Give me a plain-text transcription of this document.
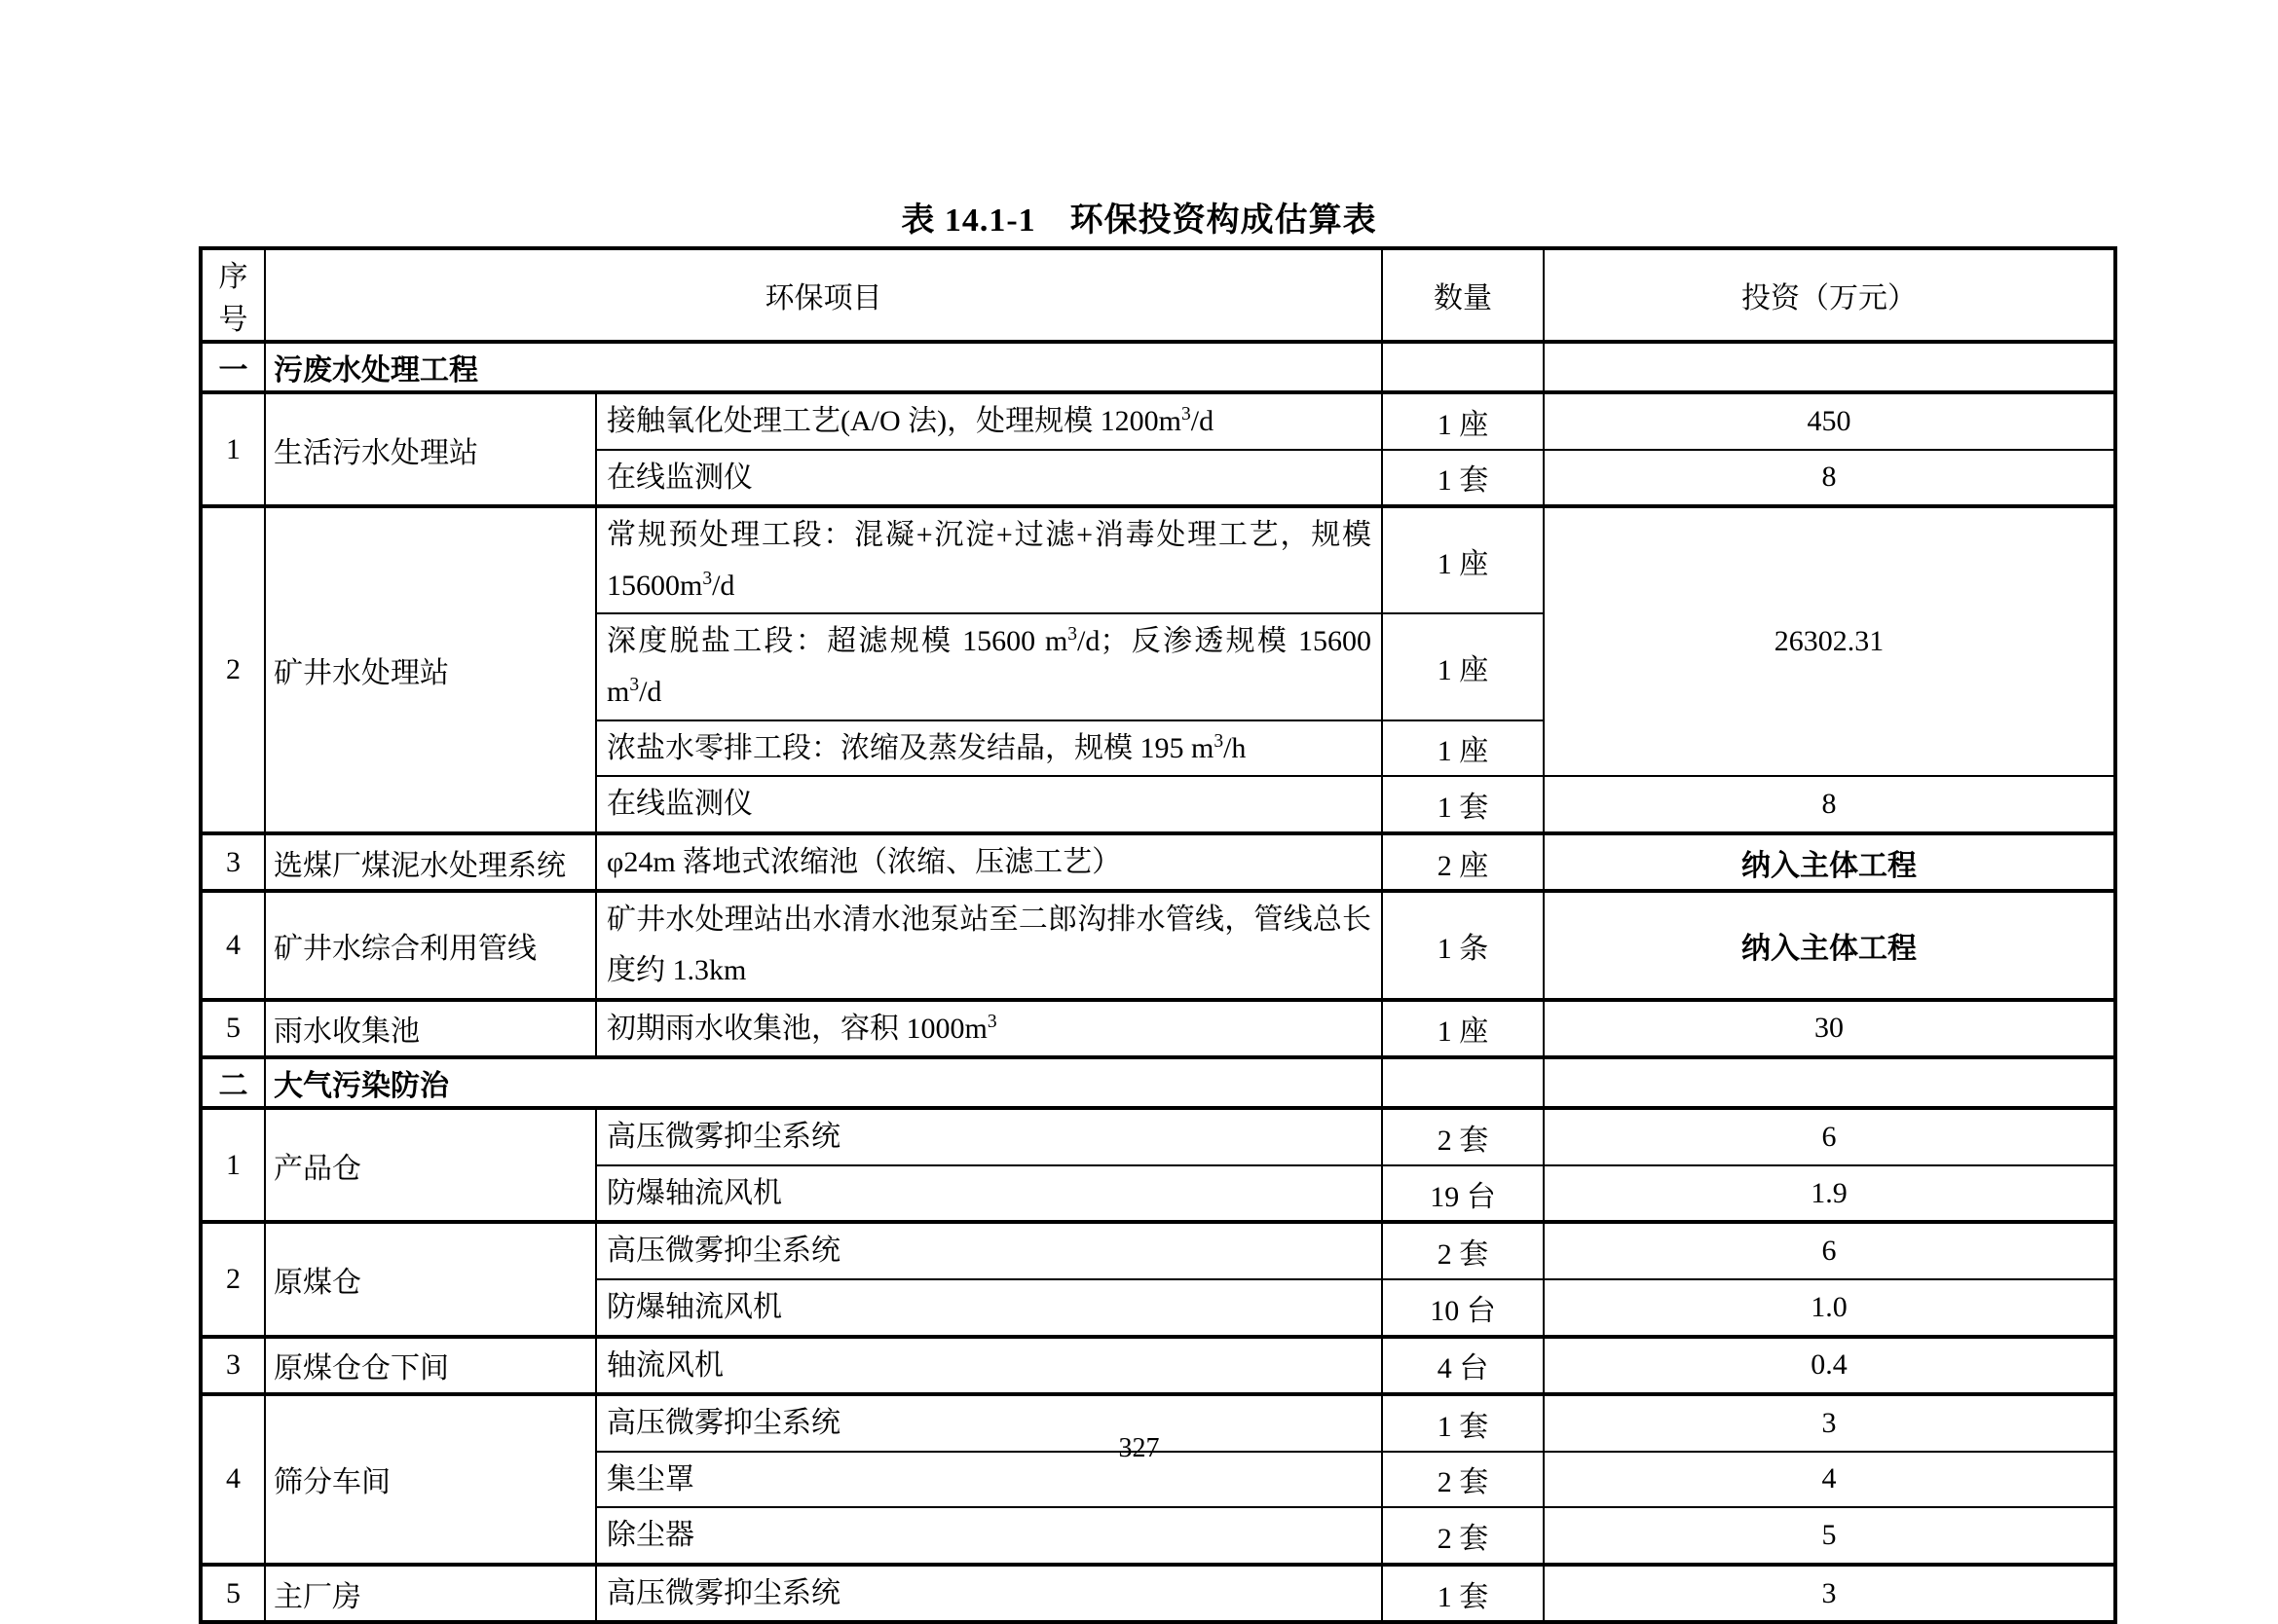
表 14.1-1　环保投资构成估算表
序号	环保项目		数量	投资（万元）
一	污废水处理工程			
1	生活污水处理站	接触氧化处理工艺(A/O 法)，处理规模 $1200m^3/d$	1 座	450
		在线监测仪	1 套	8
2	矿井水处理站	常规预处理工段：混凝+沉淀+过滤+消毒处理工艺，规模 $15600m^3/d$	1 座	26302.31
		深度脱盐工段：超滤规模 15600 $m^3/d$；反渗透规模 15600 $m^3/d$	1 座	
		浓盐水零排工段：浓缩及蒸发结晶，规模 195 $m^3/h$	1 座	
		在线监测仪	1 套	8
3	选煤厂煤泥水处理系统	φ24m 落地式浓缩池（浓缩、压滤工艺）	2 座	纳入主体工程
4	矿井水综合利用管线	矿井水处理站出水清水池泵站至二郎沟排水管线，管线总长度约 1.3km	1 条	纳入主体工程
5	雨水收集池	初期雨水收集池，容积 $1000m^3$	1 座	30
二	大气污染防治			
1	产品仓	高压微雾抑尘系统	2 套	6
		防爆轴流风机	19 台	1.9
2	原煤仓	高压微雾抑尘系统	2 套	6
		防爆轴流风机	10 台	1.0
3	原煤仓仓下间	轴流风机	4 台	0.4
4	筛分车间	高压微雾抑尘系统	1 套	3
		集尘罩	2 套	4
		除尘器	2 套	5
5	主厂房	高压微雾抑尘系统	1 套	3
327
